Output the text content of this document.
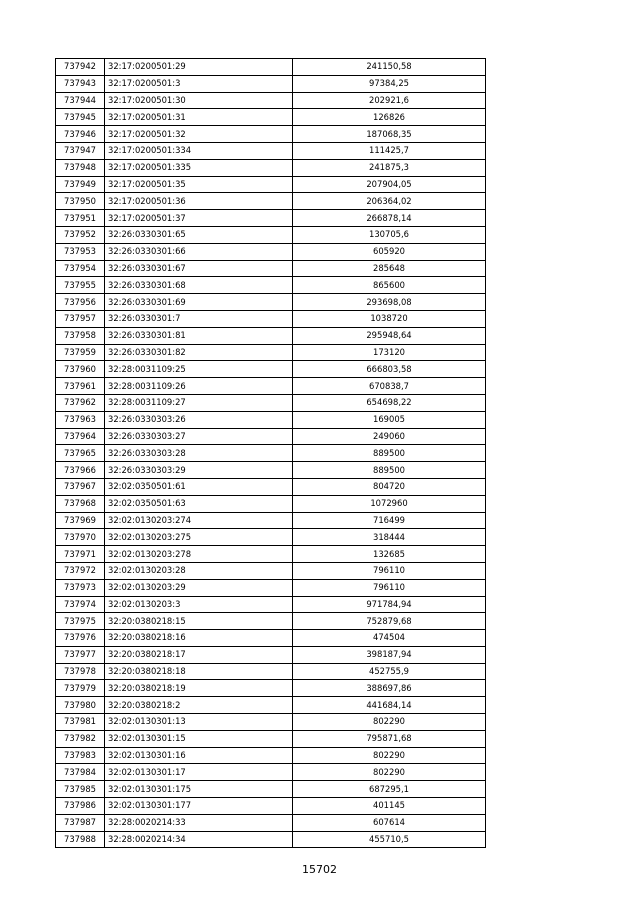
737942	32:17:0200501:29	241150,58
737943	32:17:0200501:3	97384,25
737944	32:17:0200501:30	202921,6
737945	32:17:0200501:31	126826
737946	32:17:0200501:32	187068,35
737947	32:17:0200501:334	111425,7
737948	32:17:0200501:335	241875,3
737949	32:17:0200501:35	207904,05
737950	32:17:0200501:36	206364,02
737951	32:17:0200501:37	266878,14
737952	32:26:0330301:65	130705,6
737953	32:26:0330301:66	605920
737954	32:26:0330301:67	285648
737955	32:26:0330301:68	865600
737956	32:26:0330301:69	293698,08
737957	32:26:0330301:7	1038720
737958	32:26:0330301:81	295948,64
737959	32:26:0330301:82	173120
737960	32:28:0031109:25	666803,58
737961	32:28:0031109:26	670838,7
737962	32:28:0031109:27	654698,22
737963	32:26:0330303:26	169005
737964	32:26:0330303:27	249060
737965	32:26:0330303:28	889500
737966	32:26:0330303:29	889500
737967	32:02:0350501:61	804720
737968	32:02:0350501:63	1072960
737969	32:02:0130203:274	716499
737970	32:02:0130203:275	318444
737971	32:02:0130203:278	132685
737972	32:02:0130203:28	796110
737973	32:02:0130203:29	796110
737974	32:02:0130203:3	971784,94
737975	32:20:0380218:15	752879,68
737976	32:20:0380218:16	474504
737977	32:20:0380218:17	398187,94
737978	32:20:0380218:18	452755,9
737979	32:20:0380218:19	388697,86
737980	32:20:0380218:2	441684,14
737981	32:02:0130301:13	802290
737982	32:02:0130301:15	795871,68
737983	32:02:0130301:16	802290
737984	32:02:0130301:17	802290
737985	32:02:0130301:175	687295,1
737986	32:02:0130301:177	401145
737987	32:28:0020214:33	607614
737988	32:28:0020214:34	455710,5
15702
